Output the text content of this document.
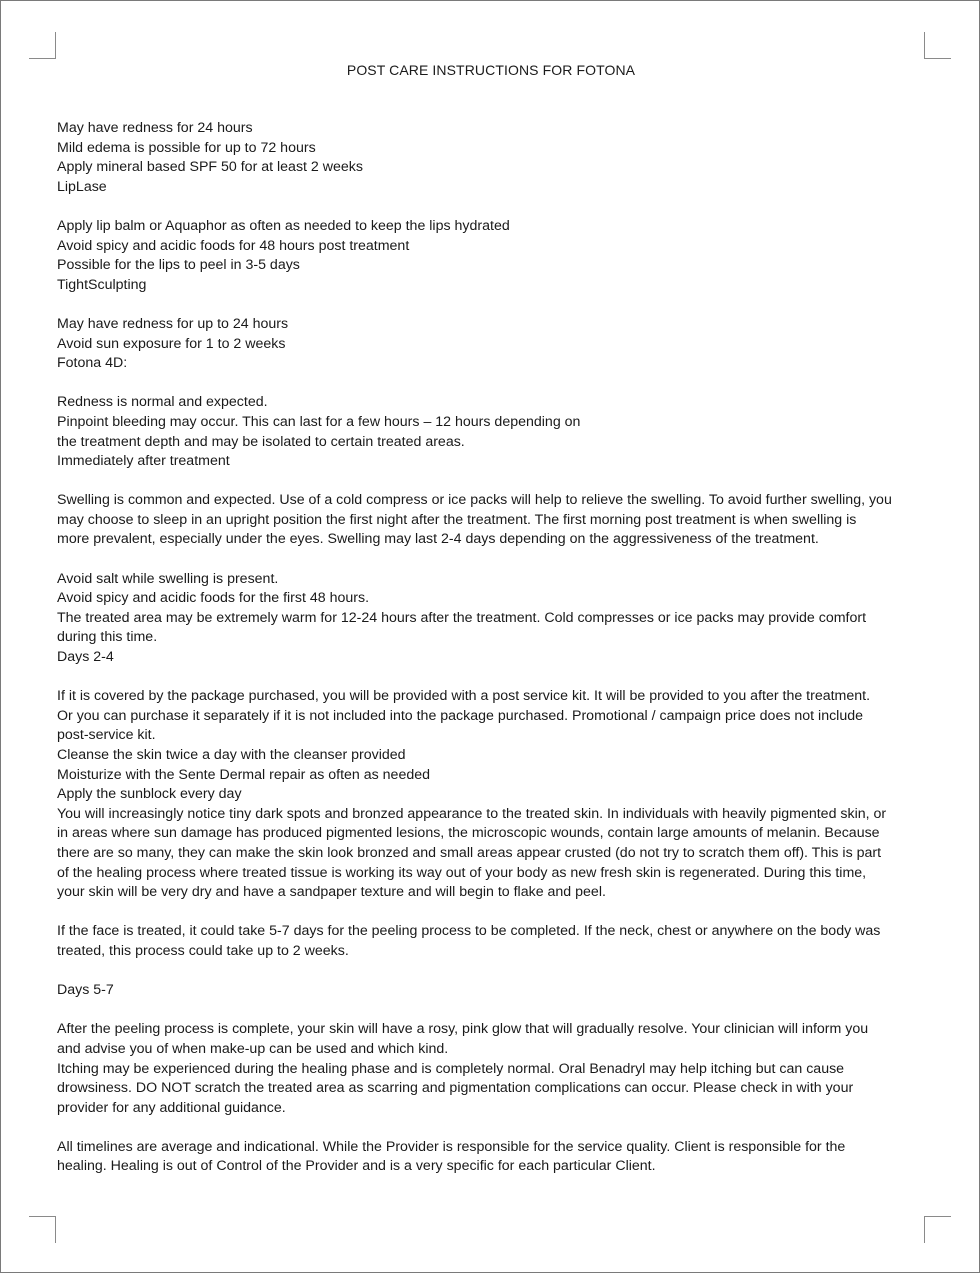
POST CARE INSTRUCTIONS FOR FOTONA
May have redness for 24 hours
Mild edema is possible for up to 72 hours
Apply mineral based SPF 50 for at least 2 weeks
LipLase
Apply lip balm or Aquaphor as often as needed to keep the lips hydrated
Avoid spicy and acidic foods for 48 hours post treatment
Possible for the lips to peel in 3-5 days
TightSculpting
May have redness for up to 24 hours
Avoid sun exposure for 1 to 2 weeks
Fotona 4D:
Redness is normal and expected.
Pinpoint bleeding may occur. This can last for a few hours – 12 hours depending on
the treatment depth and may be isolated to certain treated areas.
Immediately after treatment
Swelling is common and expected. Use of a cold compress or ice packs will help to relieve the swelling. To avoid further swelling, you
may choose to sleep in an upright position the first night after the treatment. The first morning post treatment is when swelling is
more prevalent, especially under the eyes. Swelling may last 2-4 days depending on the aggressiveness of the treatment.
Avoid salt while swelling is present.
Avoid spicy and acidic foods for the first 48 hours.
The treated area may be extremely warm for 12-24 hours after the treatment. Cold compresses or ice packs may provide comfort
during this time.
Days 2-4
If it is covered by the package purchased, you will be provided with a post service kit. It will be provided to you after the treatment.
Or you can purchase it separately if it is not included into the package purchased. Promotional / campaign price does not include
post-service kit.
Cleanse the skin twice a day with the cleanser provided
Moisturize with the Sente Dermal repair as often as needed
Apply the sunblock every day
You will increasingly notice tiny dark spots and bronzed appearance to the treated skin. In individuals with heavily pigmented skin, or
in areas where sun damage has produced pigmented lesions, the microscopic wounds, contain large amounts of melanin. Because
there are so many, they can make the skin look bronzed and small areas appear crusted (do not try to scratch them off). This is part
of the healing process where treated tissue is working its way out of your body as new fresh skin is regenerated. During this time,
your skin will be very dry and have a sandpaper texture and will begin to flake and peel.
If the face is treated, it could take 5-7 days for the peeling process to be completed. If the neck, chest or anywhere on the body was
treated, this process could take up to 2 weeks.
Days 5-7
After the peeling process is complete, your skin will have a rosy, pink glow that will gradually resolve. Your clinician will inform you
and advise you of when make-up can be used and which kind.
Itching may be experienced during the healing phase and is completely normal. Oral Benadryl may help itching but can cause
drowsiness. DO NOT scratch the treated area as scarring and pigmentation complications can occur. Please check in with your
provider for any additional guidance.
All timelines are average and indicational. While the Provider is responsible for the service quality. Client is responsible for the
healing. Healing is out of Control of the Provider and is a very specific for each particular Client.
